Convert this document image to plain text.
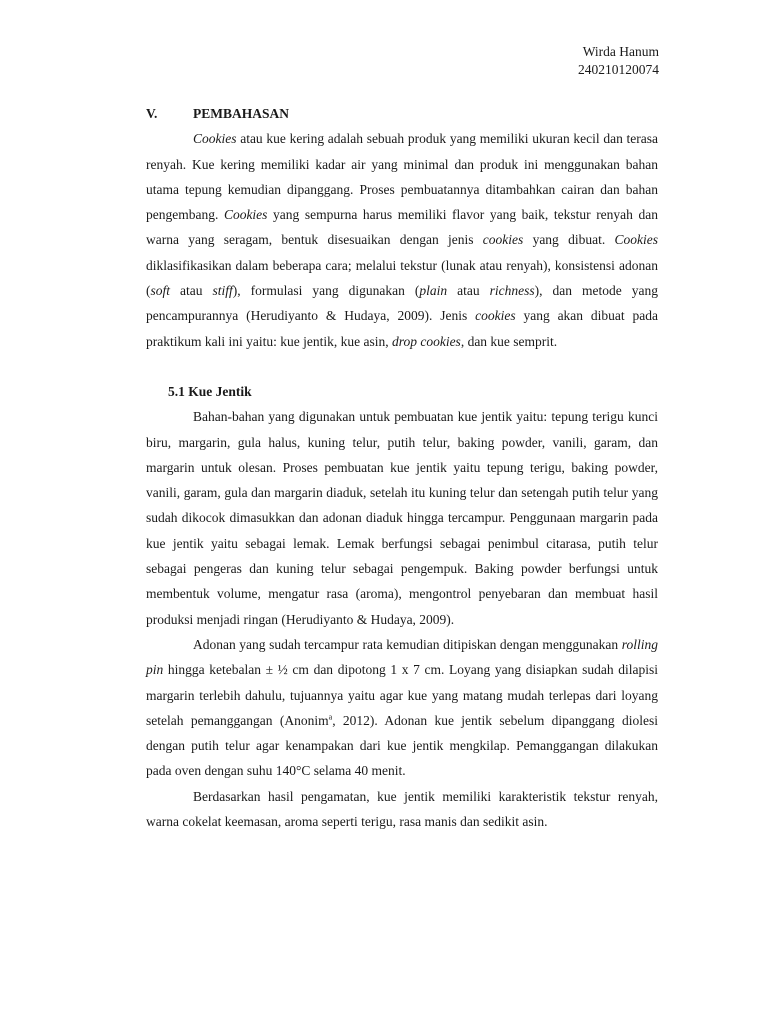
Wirda Hanum
240210120074
V.	PEMBAHASAN

Cookies atau kue kering adalah sebuah produk yang memiliki ukuran kecil dan terasa renyah. Kue kering memiliki kadar air yang minimal dan produk ini menggunakan bahan utama tepung kemudian dipanggang. Proses pembuatannya ditambahkan cairan dan bahan pengembang. Cookies yang sempurna harus memiliki flavor yang baik, tekstur renyah dan warna yang seragam, bentuk disesuaikan dengan jenis cookies yang dibuat. Cookies diklasifikasikan dalam beberapa cara; melalui tekstur (lunak atau renyah), konsistensi adonan (soft atau stiff), formulasi yang digunakan (plain atau richness), dan metode yang pencampurannya (Herudiyanto & Hudaya, 2009). Jenis cookies yang akan dibuat pada praktikum kali ini yaitu: kue jentik, kue asin, drop cookies, dan kue semprit.

5.1 Kue Jentik

Bahan-bahan yang digunakan untuk pembuatan kue jentik yaitu: tepung terigu kunci biru, margarin, gula halus, kuning telur, putih telur, baking powder, vanili, garam, dan margarin untuk olesan. Proses pembuatan kue jentik yaitu tepung terigu, baking powder, vanili, garam, gula dan margarin diaduk, setelah itu kuning telur dan setengah putih telur yang sudah dikocok dimasukkan dan adonan diaduk hingga tercampur. Penggunaan margarin pada kue jentik yaitu sebagai lemak. Lemak berfungsi sebagai penimbul citarasa, putih telur sebagai pengeras dan kuning telur sebagai pengempuk. Baking powder berfungsi untuk membentuk volume, mengatur rasa (aroma), mengontrol penyebaran dan membuat hasil produksi menjadi ringan (Herudiyanto & Hudaya, 2009).

Adonan yang sudah tercampur rata kemudian ditipiskan dengan menggunakan rolling pin hingga ketebalan ± ½ cm dan dipotong 1 x 7 cm. Loyang yang disiapkan sudah dilapisi margarin terlebih dahulu, tujuannya yaitu agar kue yang matang mudah terlepas dari loyang setelah pemanggangan (Anonim$^a$, 2012). Adonan kue jentik sebelum dipanggang diolesi dengan putih telur agar kenampakan dari kue jentik mengkilap. Pemanggangan dilakukan pada oven dengan suhu 140°C selama 40 menit.

Berdasarkan hasil pengamatan, kue jentik memiliki karakteristik tekstur renyah, warna cokelat keemasan, aroma seperti terigu, rasa manis dan sedikit asin.
